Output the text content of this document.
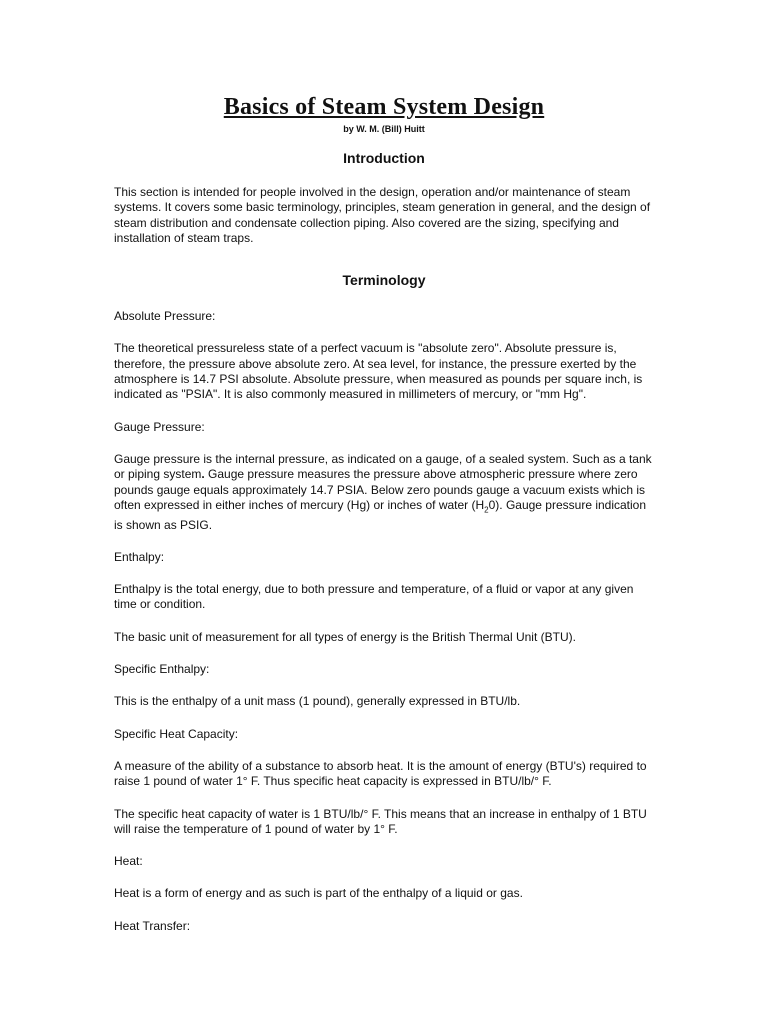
Basics of Steam System Design
by W. M. (Bill) Huitt
Introduction

This section is intended for people involved in the design, operation and/or maintenance of steam systems. It covers some basic terminology, principles, steam generation in general, and the design of steam distribution and condensate collection piping. Also covered are the sizing, specifying and installation of steam traps.

Terminology

Absolute Pressure:

The theoretical pressureless state of a perfect vacuum is "absolute zero". Absolute pressure is, therefore, the pressure above absolute zero. At sea level, for instance, the pressure exerted by the atmosphere is 14.7 PSI absolute. Absolute pressure, when measured as pounds per square inch, is indicated as "PSIA". It is also commonly measured in millimeters of mercury, or "mm Hg".

Gauge Pressure:

Gauge pressure is the internal pressure, as indicated on a gauge, of a sealed system. Such as a tank or piping system. Gauge pressure measures the pressure above atmospheric pressure where zero pounds gauge equals approximately 14.7 PSIA. Below zero pounds gauge a vacuum exists which is often expressed in either inches of mercury (Hg) or inches of water $(H_20)$. Gauge pressure indication is shown as PSIG.

Enthalpy:

Enthalpy is the total energy, due to both pressure and temperature, of a fluid or vapor at any given time or condition.

The basic unit of measurement for all types of energy is the British Thermal Unit (BTU).

Specific Enthalpy:

This is the enthalpy of a unit mass (1 pound), generally expressed in BTU/lb.

Specific Heat Capacity:

A measure of the ability of a substance to absorb heat. It is the amount of energy (BTU's) required to raise 1 pound of water 1° F. Thus specific heat capacity is expressed in BTU/lb/° F.

The specific heat capacity of water is 1 BTU/lb/° F. This means that an increase in enthalpy of 1 BTU will raise the temperature of 1 pound of water by 1° F.

Heat:

Heat is a form of energy and as such is part of the enthalpy of a liquid or gas.

Heat Transfer:
